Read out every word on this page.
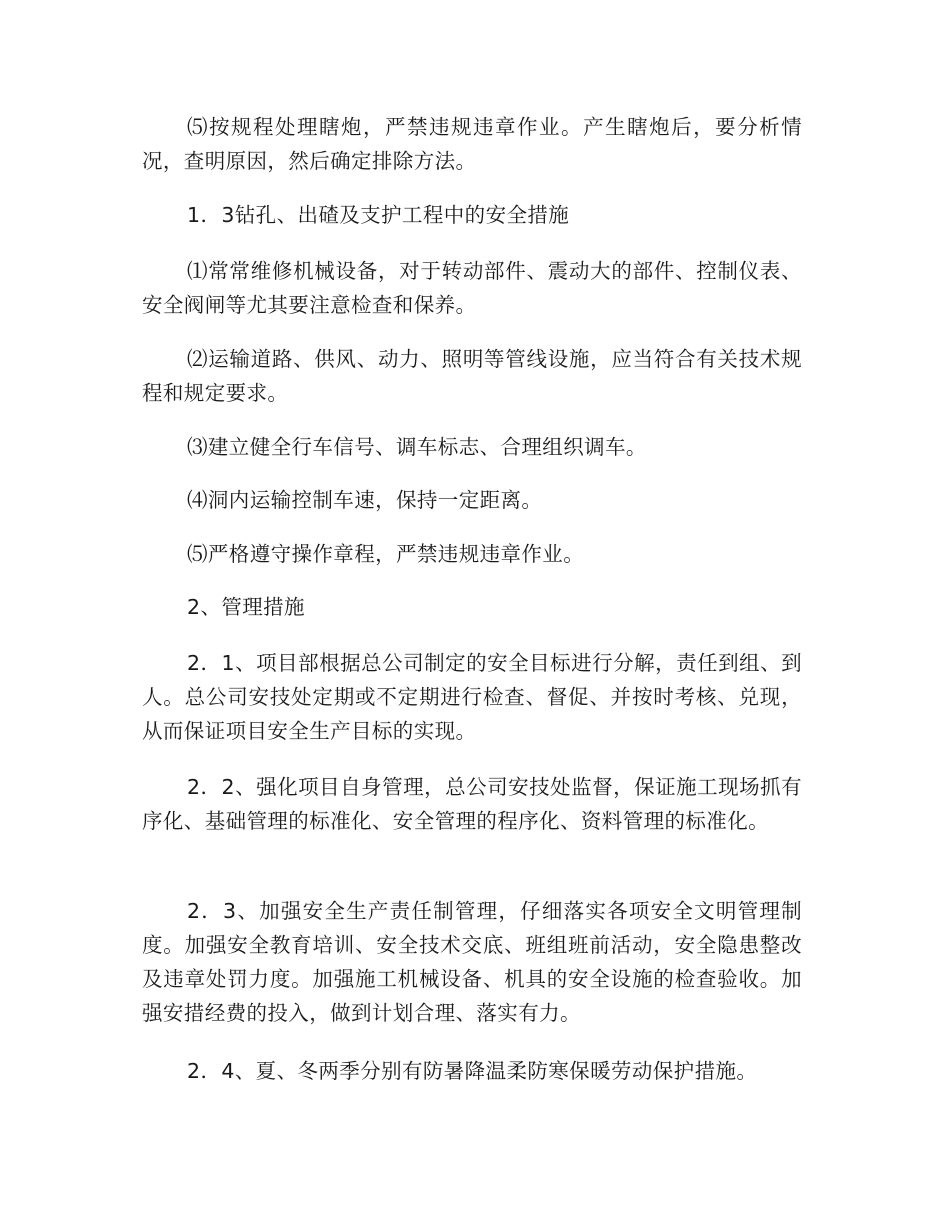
⑸按规程处理瞎炮，严禁违规违章作业。产生瞎炮后，要分析情况，查明原因，然后确定排除方法。

1．3钻孔、出碴及支护工程中的安全措施

⑴常常维修机械设备，对于转动部件、震动大的部件、控制仪表、安全阀闸等尤其要注意检查和保养。

⑵运输道路、供风、动力、照明等管线设施，应当符合有关技术规程和规定要求。

⑶建立健全行车信号、调车标志、合理组织调车。

⑷洞内运输控制车速，保持一定距离。

⑸严格遵守操作章程，严禁违规违章作业。

2、管理措施

2．1、项目部根据总公司制定的安全目标进行分解，责任到组、到人。总公司安技处定期或不定期进行检查、督促、并按时考核、兑现，从而保证项目安全生产目标的实现。

2．2、强化项目自身管理，总公司安技处监督，保证施工现场抓有序化、基础管理的标准化、安全管理的程序化、资料管理的标准化。

2．3、加强安全生产责任制管理，仔细落实各项安全文明管理制度。加强安全教育培训、安全技术交底、班组班前活动，安全隐患整改及违章处罚力度。加强施工机械设备、机具的安全设施的检查验收。加强安措经费的投入，做到计划合理、落实有力。

2．4、夏、冬两季分别有防暑降温柔防寒保暖劳动保护措施。
